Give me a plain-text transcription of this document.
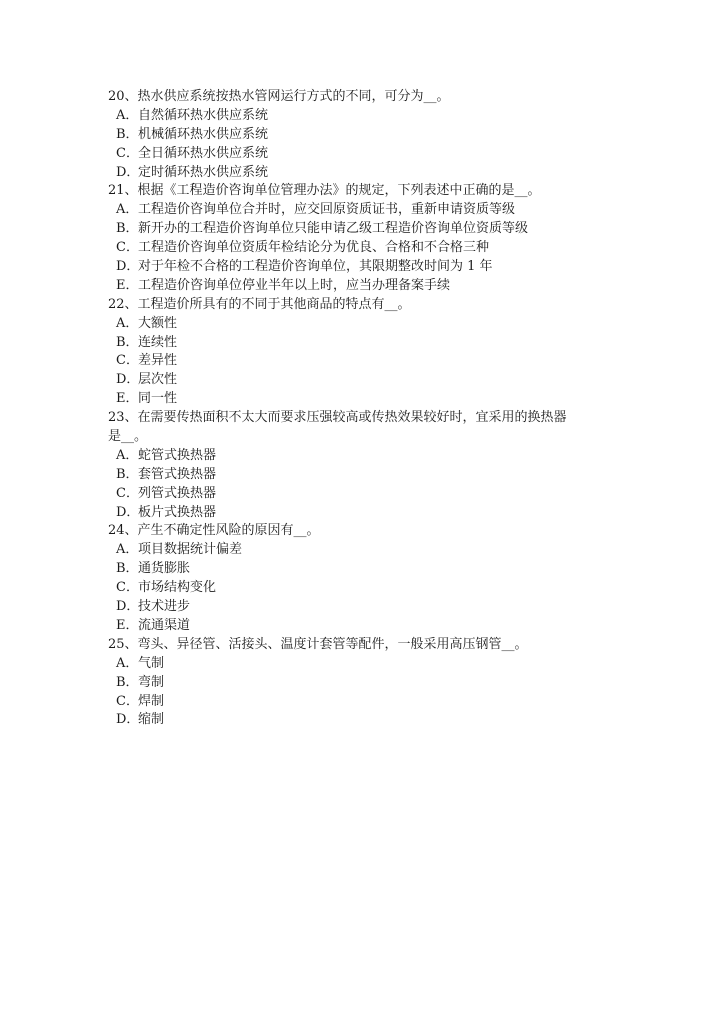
20、热水供应系统按热水管网运行方式的不同，可分为__。
A．自然循环热水供应系统
B．机械循环热水供应系统
C．全日循环热水供应系统
D．定时循环热水供应系统
21、根据《工程造价咨询单位管理办法》的规定，下列表述中正确的是__。
A．工程造价咨询单位合并时，应交回原资质证书，重新申请资质等级
B．新开办的工程造价咨询单位只能申请乙级工程造价咨询单位资质等级
C．工程造价咨询单位资质年检结论分为优良、合格和不合格三种
D．对于年检不合格的工程造价咨询单位，其限期整改时间为 1 年
E．工程造价咨询单位停业半年以上时，应当办理备案手续
22、工程造价所具有的不同于其他商品的特点有__。
A．大额性
B．连续性
C．差异性
D．层次性
E．同一性
23、在需要传热面积不太大而要求压强较高或传热效果较好时，宜采用的换热器
是__。
A．蛇管式换热器
B．套管式换热器
C．列管式换热器
D．板片式换热器
24、产生不确定性风险的原因有__。
A．项目数据统计偏差
B．通货膨胀
C．市场结构变化
D．技术进步
E．流通渠道
25、弯头、异径管、活接头、温度计套管等配件，一般采用高压钢管__。
A．气制
B．弯制
C．焊制
D．缩制
